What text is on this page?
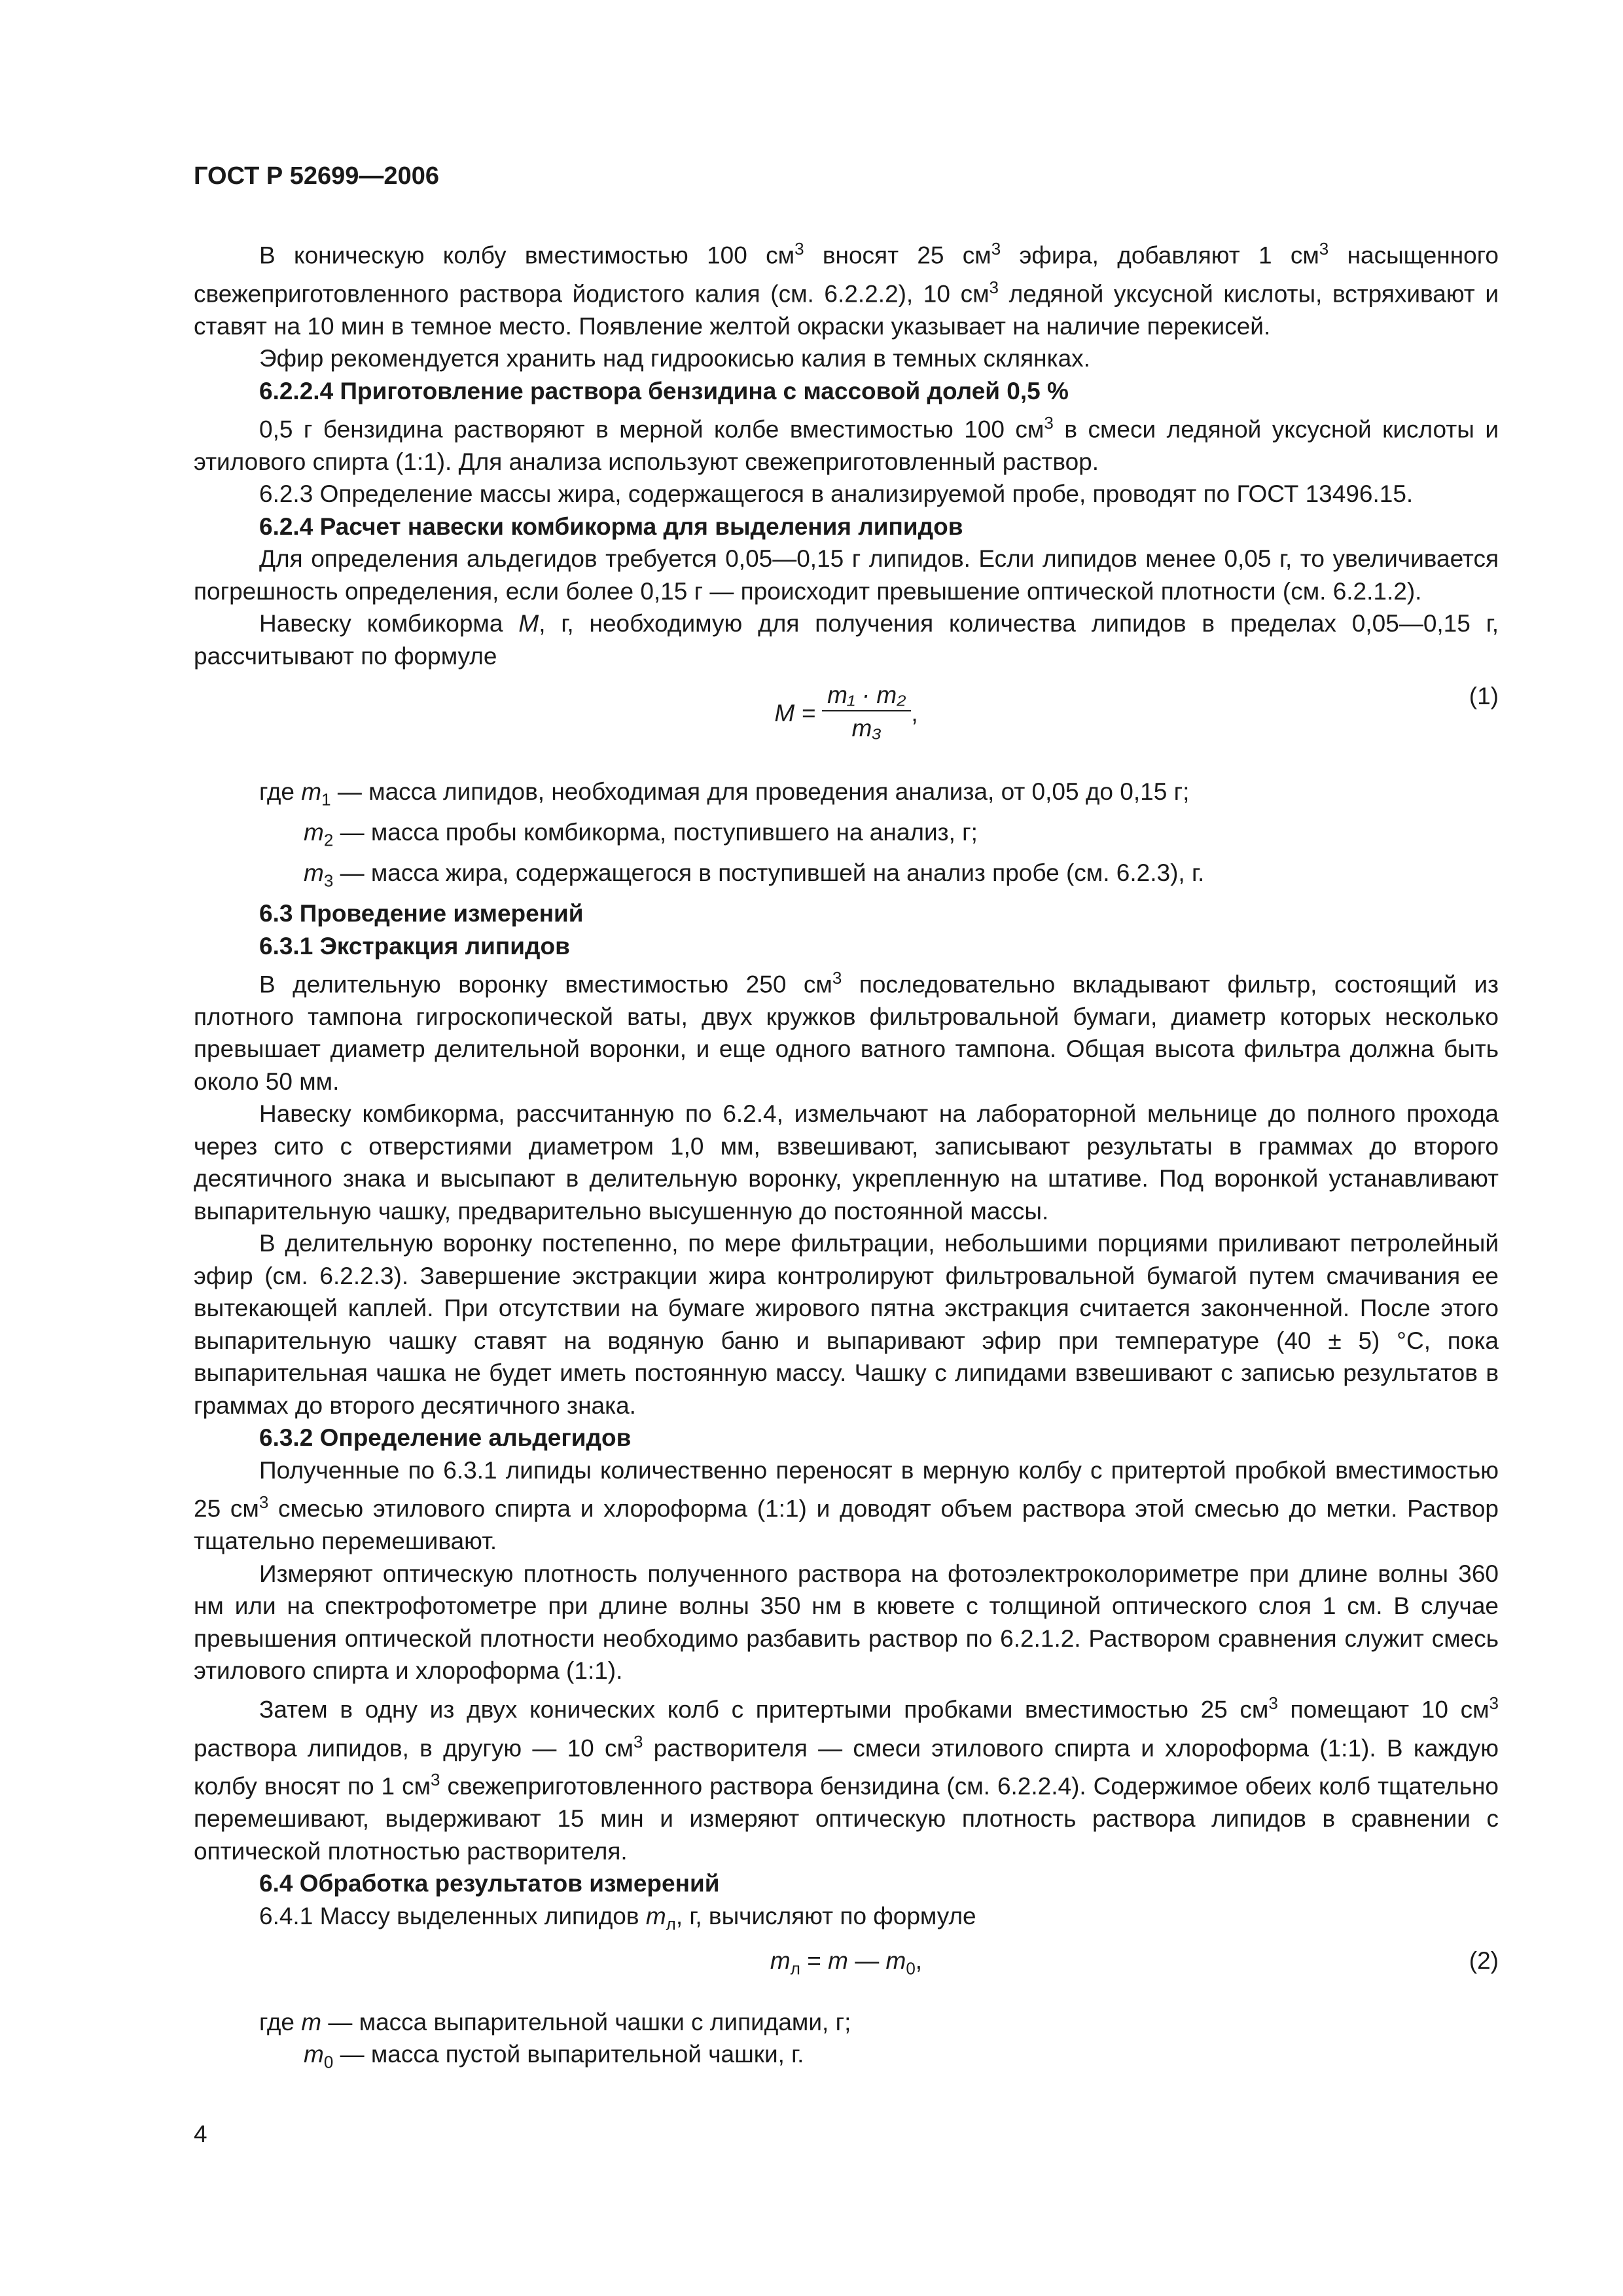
ГОСТ Р 52699—2006

В коническую колбу вместимостью 100 $см^3$ вносят 25 $см^3$ эфира, добавляют 1 $см^3$ насыщенного свежеприготовленного раствора йодистого калия (см. 6.2.2.2), 10 $см^3$ ледяной уксусной кислоты, встряхивают и ставят на 10 мин в темное место. Появление желтой окраски указывает на наличие перекисей.

Эфир рекомендуется хранить над гидроокисью калия в темных склянках.

6.2.2.4 Приготовление раствора бензидина с массовой долей 0,5 %

0,5 г бензидина растворяют в мерной колбе вместимостью 100 $см^3$ в смеси ледяной уксусной кислоты и этилового спирта (1:1). Для анализа используют свежеприготовленный раствор.

6.2.3 Определение массы жира, содержащегося в анализируемой пробе, проводят по ГОСТ 13496.15.

6.2.4 Расчет навески комбикорма для выделения липидов

Для определения альдегидов требуется 0,05—0,15 г липидов. Если липидов менее 0,05 г, то увеличивается погрешность определения, если более 0,15 г — происходит превышение оптической плотности (см. 6.2.1.2).

Навеску комбикорма M, г, необходимую для получения количества липидов в пределах 0,05—0,15 г, рассчитывают по формуле

$M = \frac{\text{m₁ · m₂}}{\text{m₃}}$ ,
(1)

где $m_1$ — масса липидов, необходимая для проведения анализа, от 0,05 до 0,15 г;

$m_2$ — масса пробы комбикорма, поступившего на анализ, г;

$m_3$ — масса жира, содержащегося в поступившей на анализ пробе (см. 6.2.3), г.

6.3 Проведение измерений

6.3.1 Экстракция липидов

В делительную воронку вместимостью 250 $см^3$ последовательно вкладывают фильтр, состоящий из плотного тампона гигроскопической ваты, двух кружков фильтровальной бумаги, диаметр которых несколько превышает диаметр делительной воронки, и еще одного ватного тампона. Общая высота фильтра должна быть около 50 мм.

Навеску комбикорма, рассчитанную по 6.2.4, измельчают на лабораторной мельнице до полного прохода через сито с отверстиями диаметром 1,0 мм, взвешивают, записывают результаты в граммах до второго десятичного знака и высыпают в делительную воронку, укрепленную на штативе. Под воронкой устанавливают выпарительную чашку, предварительно высушенную до постоянной массы.

В делительную воронку постепенно, по мере фильтрации, небольшими порциями приливают петролейный эфир (см. 6.2.2.3). Завершение экстракции жира контролируют фильтровальной бумагой путем смачивания ее вытекающей каплей. При отсутствии на бумаге жирового пятна экстракция считается законченной. После этого выпарительную чашку ставят на водяную баню и выпаривают эфир при температуре (40 ± 5) °С, пока выпарительная чашка не будет иметь постоянную массу. Чашку с липидами взвешивают с записью результатов в граммах до второго десятичного знака.

6.3.2 Определение альдегидов

Полученные по 6.3.1 липиды количественно переносят в мерную колбу с притертой пробкой вместимостью 25 $см^3$ смесью этилового спирта и хлороформа (1:1) и доводят объем раствора этой смесью до метки. Раствор тщательно перемешивают.

Измеряют оптическую плотность полученного раствора на фотоэлектроколориметре при длине волны 360 нм или на спектрофотометре при длине волны 350 нм в кювете с толщиной оптического слоя 1 см. В случае превышения оптической плотности необходимо разбавить раствор по 6.2.1.2. Раствором сравнения служит смесь этилового спирта и хлороформа (1:1).

Затем в одну из двух конических колб с притертыми пробками вместимостью 25 $см^3$ помещают 10 $см^3$ раствора липидов, в другую — 10 $см^3$ растворителя — смеси этилового спирта и хлороформа (1:1). В каждую колбу вносят по 1 $см^3$ свежеприготовленного раствора бензидина (см. 6.2.2.4). Содержимое обеих колб тщательно перемешивают, выдерживают 15 мин и измеряют оптическую плотность раствора липидов в сравнении с оптической плотностью растворителя.

6.4 Обработка результатов измерений

6.4.1 Массу выделенных липидов $m_л$, г, вычисляют по формуле

$m_л = m$ — $m_0$,	(2)

где m — масса выпарительной чашки с липидами, г;

$m_0$ — масса пустой выпарительной чашки, г.

4
